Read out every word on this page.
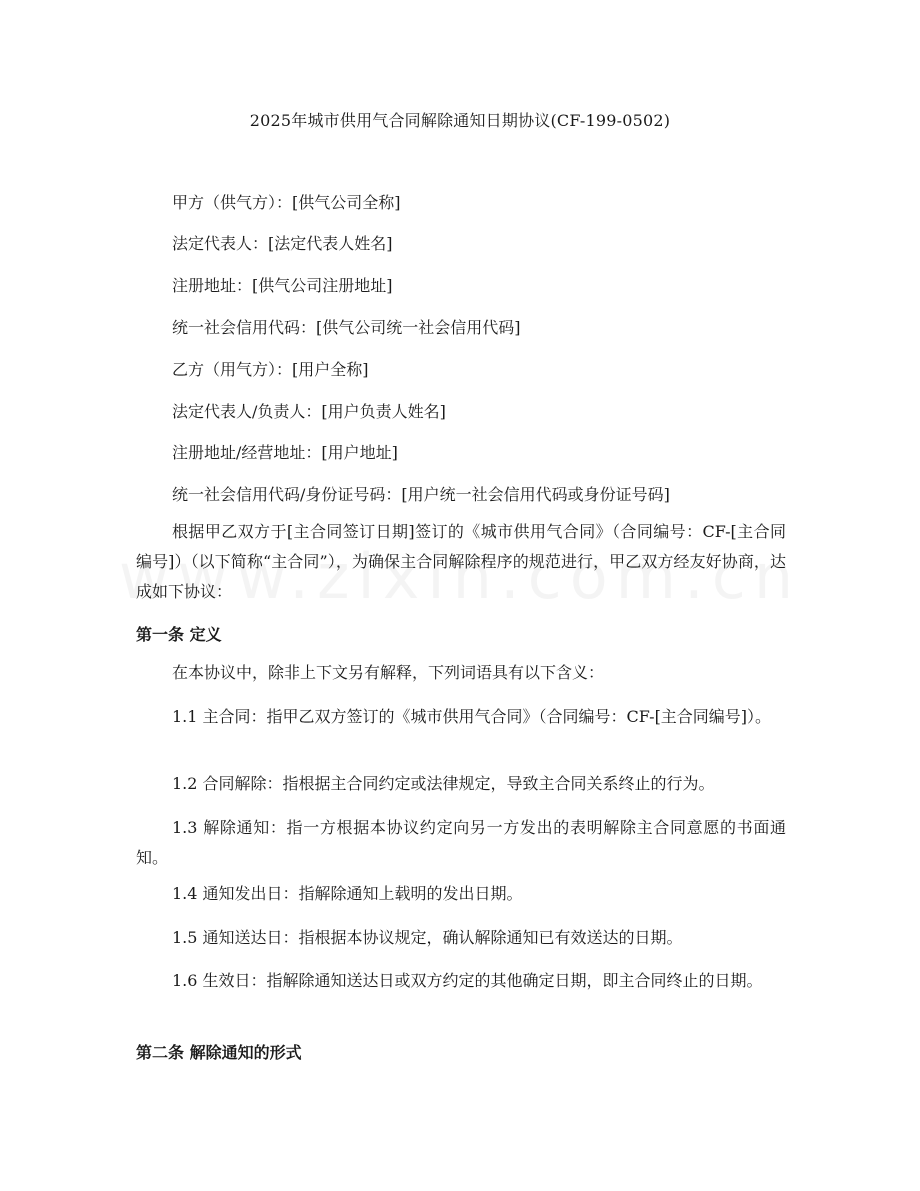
2025年城市供用气合同解除通知日期协议(CF-199-0502)
甲方（供气方）：[供气公司全称]
法定代表人：[法定代表人姓名]
注册地址：[供气公司注册地址]
统一社会信用代码：[供气公司统一社会信用代码]
乙方（用气方）：[用户全称]
法定代表人/负责人：[用户负责人姓名]
注册地址/经营地址：[用户地址]
统一社会信用代码/身份证号码：[用户统一社会信用代码或身份证号码]
根据甲乙双方于[主合同签订日期]签订的《城市供用气合同》（合同编号：CF-[主合同编号]）（以下简称“主合同”），为确保主合同解除程序的规范进行，甲乙双方经友好协商，达成如下协议：
第一条 定义
在本协议中，除非上下文另有解释，下列词语具有以下含义：
1.1 主合同：指甲乙双方签订的《城市供用气合同》（合同编号：CF-[主合同编号]）。
1.2 合同解除：指根据主合同约定或法律规定，导致主合同关系终止的行为。
1.3 解除通知：指一方根据本协议约定向另一方发出的表明解除主合同意愿的书面通知。
1.4 通知发出日：指解除通知上载明的发出日期。
1.5 通知送达日：指根据本协议规定，确认解除通知已有效送达的日期。
1.6 生效日：指解除通知送达日或双方约定的其他确定日期，即主合同终止的日期。
第二条 解除通知的形式
